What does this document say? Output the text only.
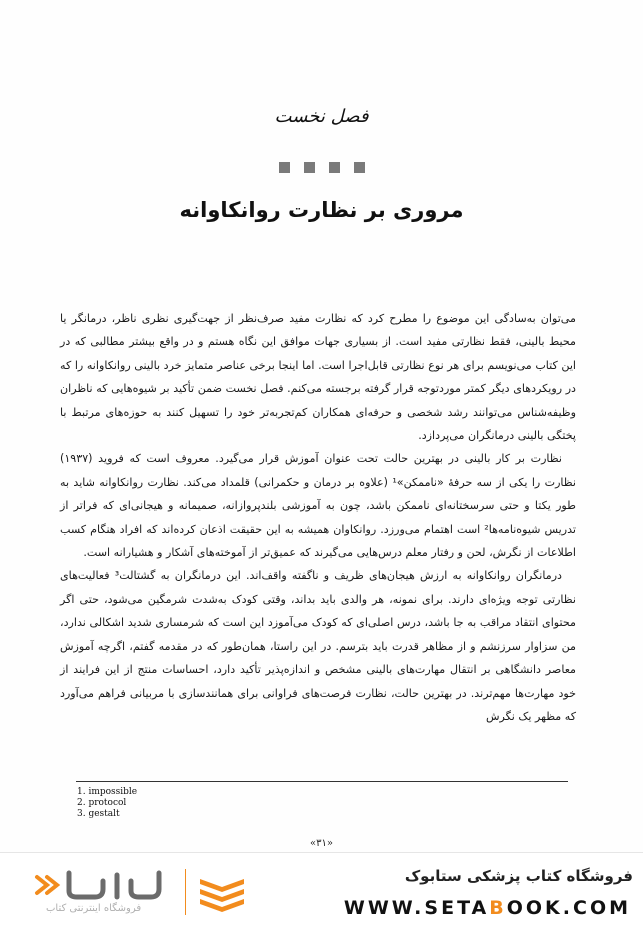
فصل نخست
مروری بر نظارت روانکاوانه

می‌توان به‌سادگی این موضوع را مطرح کرد که نظارت مفید صرف‌نظر از جهت‌گیری نظری ناظر، درمانگر یا محیط بالینی، فقط نظارتی مفید است. از بسیاری جهات موافق این نگاه هستم و در واقع بیشتر مطالبی که در این کتاب می‌نویسم برای هر نوع نظارتی قابل‌اجرا است. اما اینجا برخی عناصر متمایز خرد بالینی روانکاوانه را که در رویکردهای دیگر کمتر موردتوجه قرار گرفته برجسته می‌کنم. فصل نخست ضمن تأکید بر شیوه‌هایی که ناظران وظیفه‌شناس می‌توانند رشد شخصی و حرفه‌ای همکاران کم‌تجربه‌تر خود را تسهیل کنند به حوزه‌های مرتبط با پختگی بالینی درمانگران می‌پردازد.

نظارت بر کار بالینی در بهترین حالت تحت عنوان آموزش قرار می‌گیرد. معروف است که فروید (۱۹۳۷) نظارت را یکی از سه حرفهٔ «ناممکن»¹ (علاوه بر درمان و حکمرانی) قلمداد می‌کند. نظارت روانکاوانه شاید به طور یکتا و حتی سرسختانه‌ای ناممکن باشد، چون به آموزشی بلندپروازانه، صمیمانه و هیجانی‌ای که فراتر از تدریس شیوه‌نامه‌ها² است اهتمام می‌ورزد. روانکاوان همیشه به این حقیقت اذعان کرده‌اند که افراد هنگام کسب اطلاعات از نگرش، لحن و رفتار معلم درس‌هایی می‌گیرند که عمیق‌تر از آموخته‌های آشکار و هشیارانه است.

درمانگران روانکاوانه به ارزش هیجان‌های ظریف و ناگفته واقف‌اند. این درمانگران به گشتالت³ فعالیت‌های نظارتی توجه ویژه‌ای دارند. برای نمونه، هر والدی باید بداند، وقتی کودک به‌شدت شرمگین می‌شود، حتی اگر محتوای انتقاد مراقب به جا باشد، درس اصلی‌ای که کودک می‌آموزد این است که شرمساری شدید اشکالی ندارد، من سزاوار سرزنشم و از مظاهر قدرت باید بترسم. در این راستا، همان‌طور که در مقدمه گفتم، اگرچه آموزش معاصر دانشگاهی بر انتقال مهارت‌های بالینی مشخص و اندازه‌پذیر تأکید دارد، احساسات منتج از این فرایند از خود مهارت‌ها مهم‌ترند. در بهترین حالت، نظارت فرصت‌های فراوانی برای همانندسازی با مربیانی فراهم می‌آورد که مظهر یک نگرش

1. impossible
2. protocol
3. gestalt
«۳۱»
فروشگاه اینترنتی کتاب
فروشگاه کتاب پزشکی ستابوک
WWW.SETABOOK.COM
